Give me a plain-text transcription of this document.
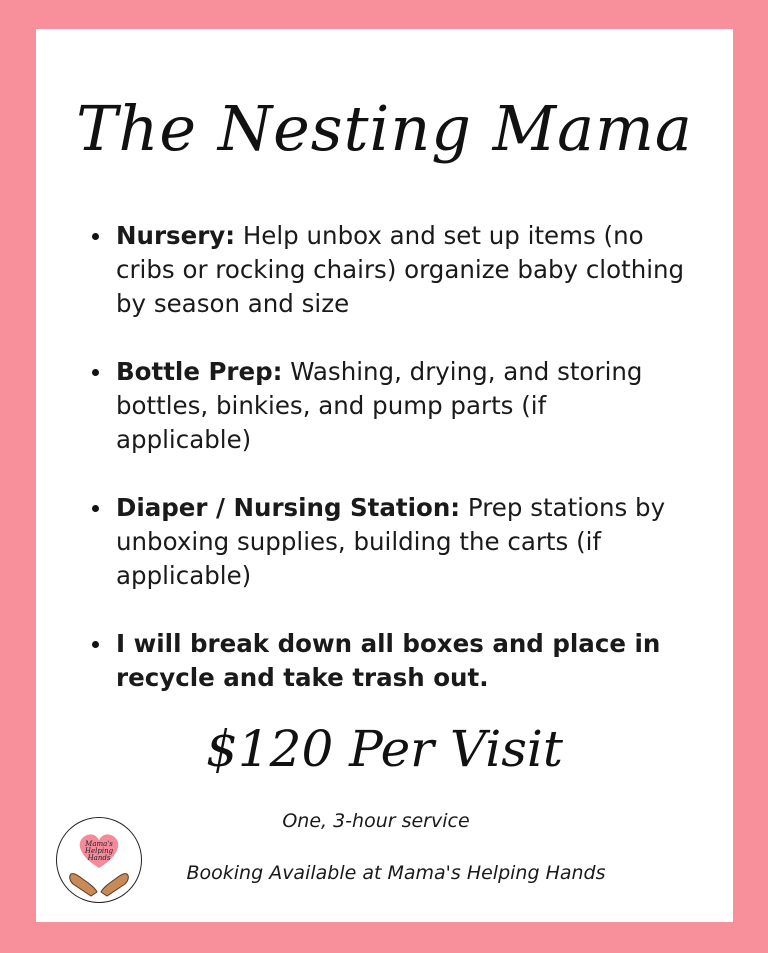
The Nesting Mama
Nursery: Help unbox and set up items (no cribs or rocking chairs) organize baby clothing by season and size
Bottle Prep: Washing, drying, and storing bottles, binkies, and pump parts (if applicable)
Diaper / Nursing Station: Prep stations by unboxing supplies, building the carts (if applicable)
I will break down all boxes and place in recycle and take trash out.
$120 Per Visit
Mama's
Helping
Hands
One, 3-hour service
Booking Available at Mama's Helping Hands
